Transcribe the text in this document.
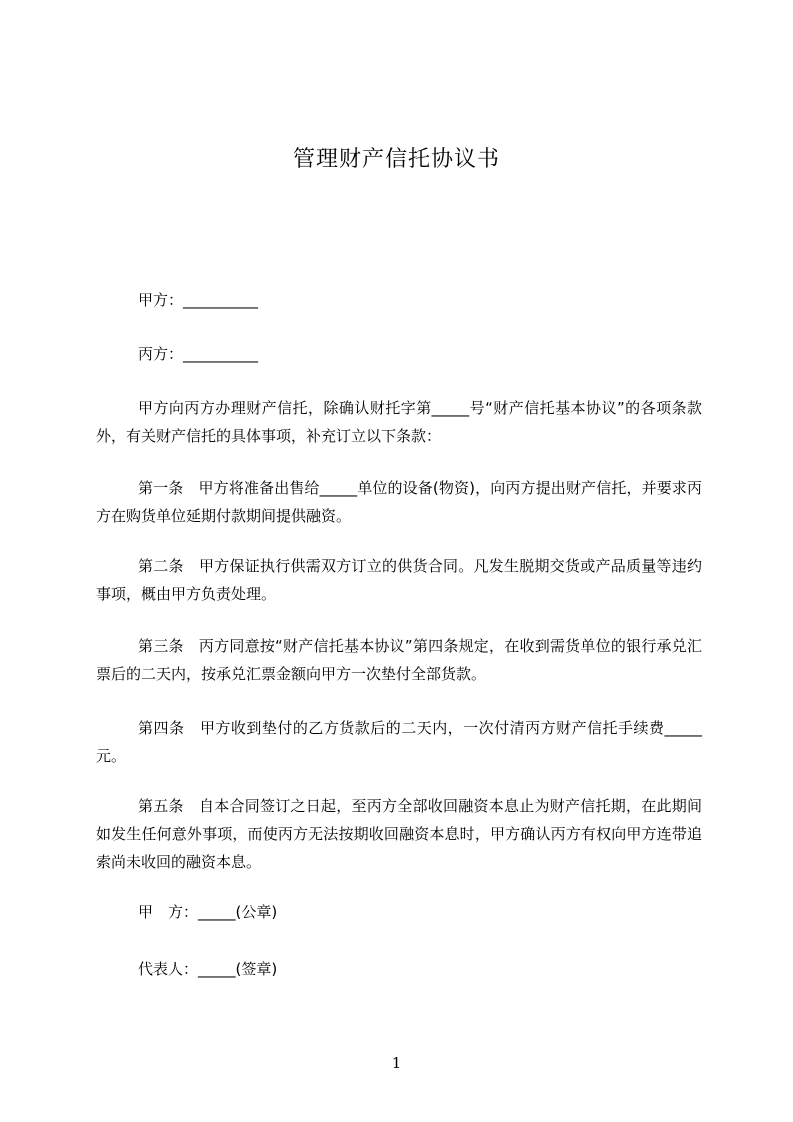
管理财产信托协议书

甲方：__________

丙方：__________

甲方向丙方办理财产信托，除确认财托字第_____号“财产信托基本协议”的各项条款外，有关财产信托的具体事项，补充订立以下条款：

第一条　甲方将准备出售给_____单位的设备(物资)，向丙方提出财产信托，并要求丙方在购货单位延期付款期间提供融资。

第二条　甲方保证执行供需双方订立的供货合同。凡发生脱期交货或产品质量等违约事项，概由甲方负责处理。

第三条　丙方同意按“财产信托基本协议”第四条规定，在收到需货单位的银行承兑汇票后的二天内，按承兑汇票金额向甲方一次垫付全部货款。

第四条　甲方收到垫付的乙方货款后的二天内，一次付清丙方财产信托手续费_____元。

第五条　自本合同签订之日起，至丙方全部收回融资本息止为财产信托期，在此期间如发生任何意外事项，而使丙方无法按期收回融资本息时，甲方确认丙方有权向甲方连带追索尚未收回的融资本息。

甲　方：_____(公章)

代表人：_____(签章)

1
